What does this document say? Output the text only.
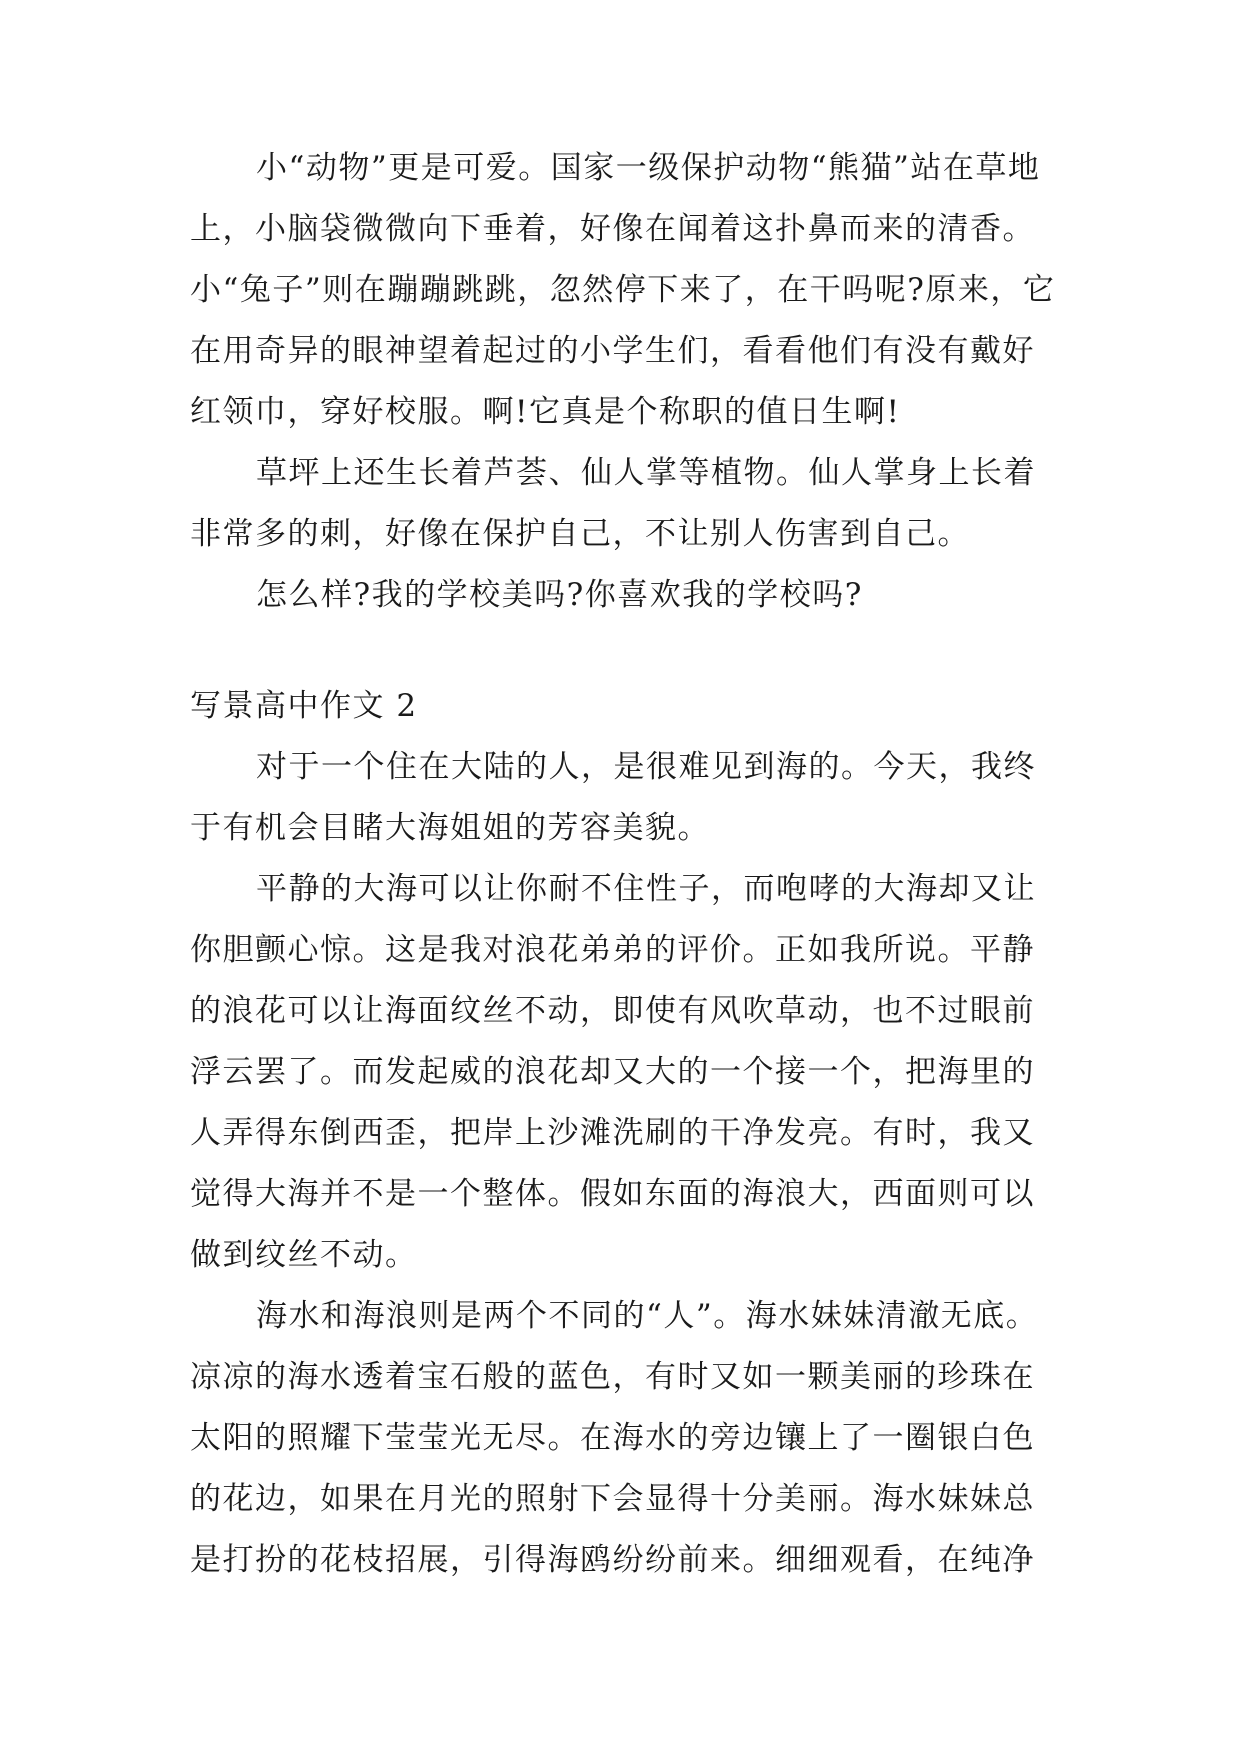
小“动物”更是可爱。国家一级保护动物“熊猫”站在草地上，小脑袋微微向下垂着，好像在闻着这扑鼻而来的清香。小“兔子”则在蹦蹦跳跳，忽然停下来了，在干吗呢?原来，它在用奇异的眼神望着起过的小学生们，看看他们有没有戴好红领巾，穿好校服。啊!它真是个称职的值日生啊!

草坪上还生长着芦荟、仙人掌等植物。仙人掌身上长着非常多的刺，好像在保护自己，不让别人伤害到自己。

怎么样?我的学校美吗?你喜欢我的学校吗?

写景高中作文 2

对于一个住在大陆的人，是很难见到海的。今天，我终于有机会目睹大海姐姐的芳容美貌。

平静的大海可以让你耐不住性子，而咆哮的大海却又让你胆颤心惊。这是我对浪花弟弟的评价。正如我所说。平静的浪花可以让海面纹丝不动，即使有风吹草动，也不过眼前浮云罢了。而发起威的浪花却又大的一个接一个，把海里的人弄得东倒西歪，把岸上沙滩洗刷的干净发亮。有时，我又觉得大海并不是一个整体。假如东面的海浪大，西面则可以做到纹丝不动。

海水和海浪则是两个不同的“人”。海水妹妹清澈无底。凉凉的海水透着宝石般的蓝色，有时又如一颗美丽的珍珠在太阳的照耀下莹莹光无尽。在海水的旁边镶上了一圈银白色的花边，如果在月光的照射下会显得十分美丽。海水妹妹总是打扮的花枝招展，引得海鸥纷纷前来。细细观看，在纯净
